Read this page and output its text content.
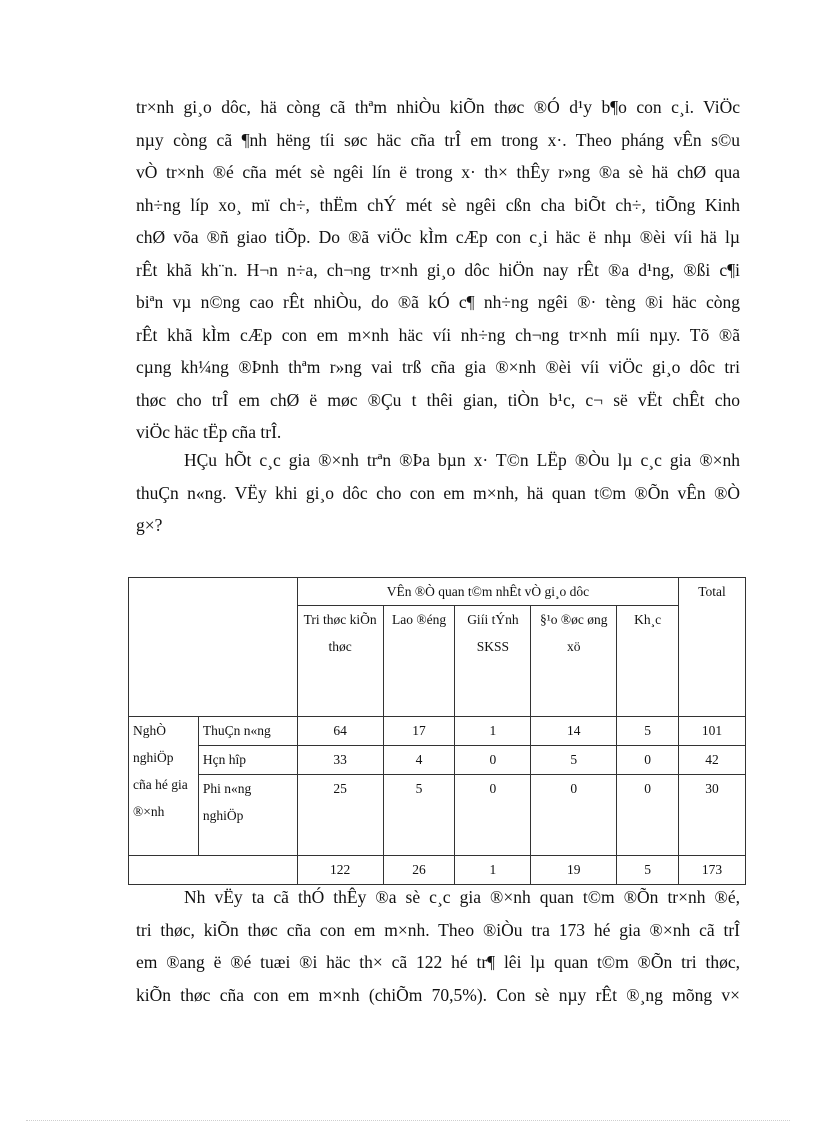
tr×nh gi¸o dôc, hä còng cã thªm nhiÒu kiÕn thøc ®Ó d¹y b¶o con c¸i. ViÖc
nµy còng cã ¶nh hëng tíi søc häc cña trÎ em trong x·. Theo pháng vÊn s©u
vÒ tr×nh ®é cña mét sè ngêi lín ë trong x· th× thÊy r»ng ®a sè hä chØ qua
nh÷ng líp xo¸ mï ch÷, thËm chÝ mét sè ngêi cßn cha biÕt ch÷, tiÕng Kinh
chØ võa ®ñ giao tiÕp. Do ®ã viÖc kÌm cÆp con c¸i häc ë nhµ ®èi víi hä lµ
rÊt khã kh¨n. H¬n n÷a, ch¬ng tr×nh gi¸o dôc hiÖn nay rÊt ®a d¹ng, ®ßi c¶i
biªn vµ n©ng cao rÊt nhiÒu, do ®ã kÓ c¶ nh÷ng ngêi ®· tèng ®i häc còng
rÊt khã kÌm cÆp con em m×nh häc víi nh÷ng ch¬ng tr×nh míi nµy. Tõ ®ã
cµng kh¼ng ®Þnh thªm r»ng vai trß cña gia ®×nh ®èi víi viÖc gi¸o dôc tri
thøc cho trÎ em chØ ë møc ®Çu t thêi gian, tiÒn b¹c, c¬ së vËt chÊt cho
viÖc häc tËp cña trÎ.

HÇu hÕt c¸c gia ®×nh trªn ®Þa bµn x· T©n LËp ®Òu lµ c¸c gia ®×nh
thuÇn n«ng. VËy khi gi¸o dôc cho con em m×nh, hä quan t©m ®Õn vÊn ®Ò
g×?

		VÊn ®Ò quan t©m nhÊt vÒ gi¸o dôc					Total
		Tri thøc kiÕn thøc	Lao ®éng	Giíi tÝnh SKSS	§¹o ®øc øng xö	Kh¸c	
NghÒ nghiÖp cña hé gia ®×nh	ThuÇn n«ng	64	17	1	14	5	101
	Hçn hîp	33	4	0	5	0	42
	Phi n«ng nghiÖp	25	5	0	0	0	30
		122	26	1	19	5	173

Nh vËy ta cã thÓ thÊy ®a sè c¸c gia ®×nh quan t©m ®Õn tr×nh ®é,
tri thøc, kiÕn thøc cña con em m×nh. Theo ®iÒu tra 173 hé gia ®×nh cã trÎ
em ®ang ë ®é tuæi ®i häc th× cã 122 hé tr¶ lêi lµ quan t©m ®Õn tri thøc,
kiÕn thøc cña con em m×nh (chiÕm 70,5%). Con sè nµy rÊt ®¸ng mõng v×
